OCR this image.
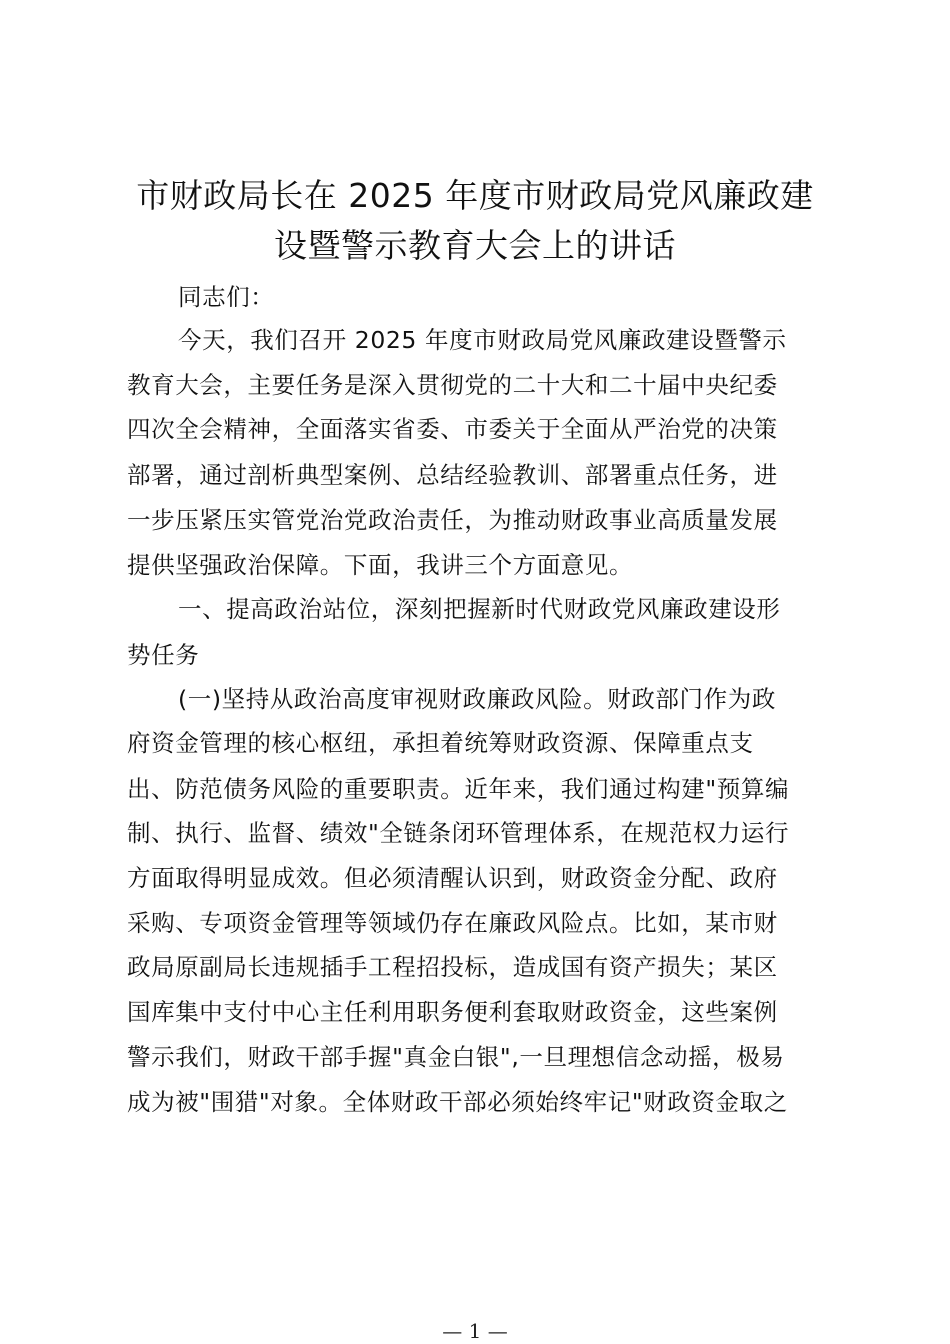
市财政局长在 2025 年度市财政局党风廉政建
设暨警示教育大会上的讲话
同志们：
今天，我们召开 2025 年度市财政局党风廉政建设暨警示
教育大会，主要任务是深入贯彻党的二十大和二十届中央纪委
四次全会精神，全面落实省委、市委关于全面从严治党的决策
部署，通过剖析典型案例、总结经验教训、部署重点任务，进
一步压紧压实管党治党政治责任，为推动财政事业高质量发展
提供坚强政治保障。下面，我讲三个方面意见。
一、提高政治站位，深刻把握新时代财政党风廉政建设形
势任务
(一)坚持从政治高度审视财政廉政风险。财政部门作为政
府资金管理的核心枢纽，承担着统筹财政资源、保障重点支
出、防范债务风险的重要职责。近年来，我们通过构建"预算编
制、执行、监督、绩效"全链条闭环管理体系，在规范权力运行
方面取得明显成效。但必须清醒认识到，财政资金分配、政府
采购、专项资金管理等领域仍存在廉政风险点。比如，某市财
政局原副局长违规插手工程招投标，造成国有资产损失；某区
国库集中支付中心主任利用职务便利套取财政资金，这些案例
警示我们，财政干部手握"真金白银",一旦理想信念动摇，极易
成为被"围猎"对象。全体财政干部必须始终牢记"财政资金取之
— 1 —
